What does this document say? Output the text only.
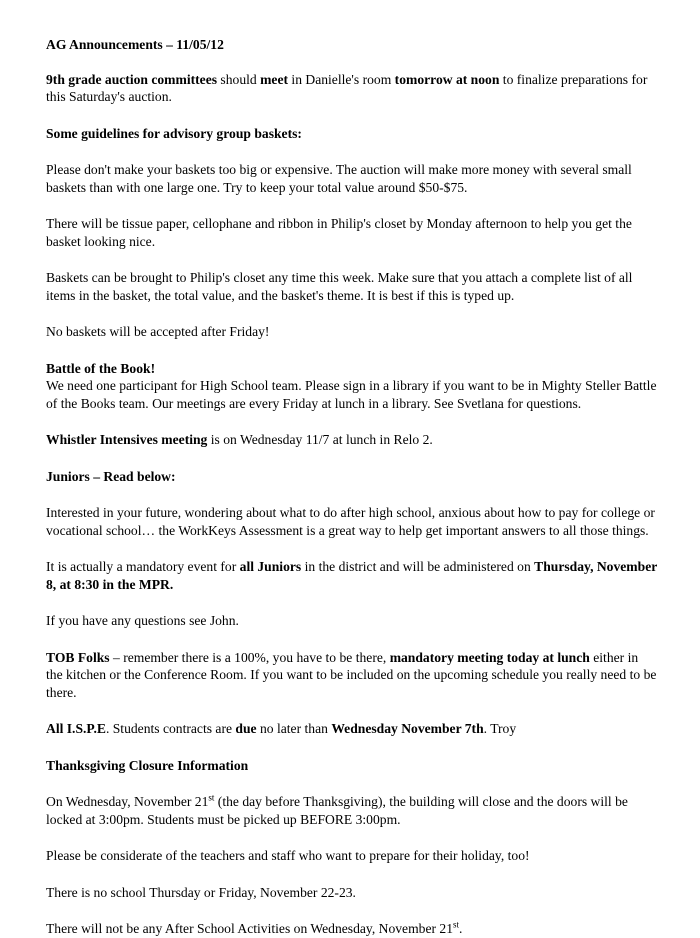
AG Announcements – 11/05/12

9th grade auction committees should meet in Danielle's room tomorrow at noon to finalize preparations for this Saturday's auction.

Some guidelines for advisory group baskets:

Please don't make your baskets too big or expensive. The auction will make more money with several small baskets than with one large one. Try to keep your total value around $50-$75.

There will be tissue paper, cellophane and ribbon in Philip's closet by Monday afternoon to help you get the basket looking nice.

Baskets can be brought to Philip's closet any time this week. Make sure that you attach a complete list of all items in the basket, the total value, and the basket's theme. It is best if this is typed up.

No baskets will be accepted after Friday!

Battle of the Book!
We need one participant for High School team. Please sign in a library if you want to be in Mighty Steller Battle of the Books team. Our meetings are every Friday at lunch in a library. See Svetlana for questions.

Whistler Intensives meeting is on Wednesday 11/7 at lunch in Relo 2.

Juniors – Read below:

Interested in your future, wondering about what to do after high school, anxious about how to pay for college or vocational school… the WorkKeys Assessment is a great way to help get important answers to all those things.

It is actually a mandatory event for all Juniors in the district and will be administered on Thursday, November 8, at 8:30 in the MPR.

If you have any questions see John.

TOB Folks – remember there is a 100%, you have to be there, mandatory meeting today at lunch either in the kitchen or the Conference Room. If you want to be included on the upcoming schedule you really need to be there.

All I.S.P.E. Students contracts are due no later than Wednesday November 7th. Troy

Thanksgiving Closure Information

On Wednesday, November 21st (the day before Thanksgiving), the building will close and the doors will be locked at 3:00pm. Students must be picked up BEFORE 3:00pm.

Please be considerate of the teachers and staff who want to prepare for their holiday, too!

There is no school Thursday or Friday, November 22-23.

There will not be any After School Activities on Wednesday, November 21st.
